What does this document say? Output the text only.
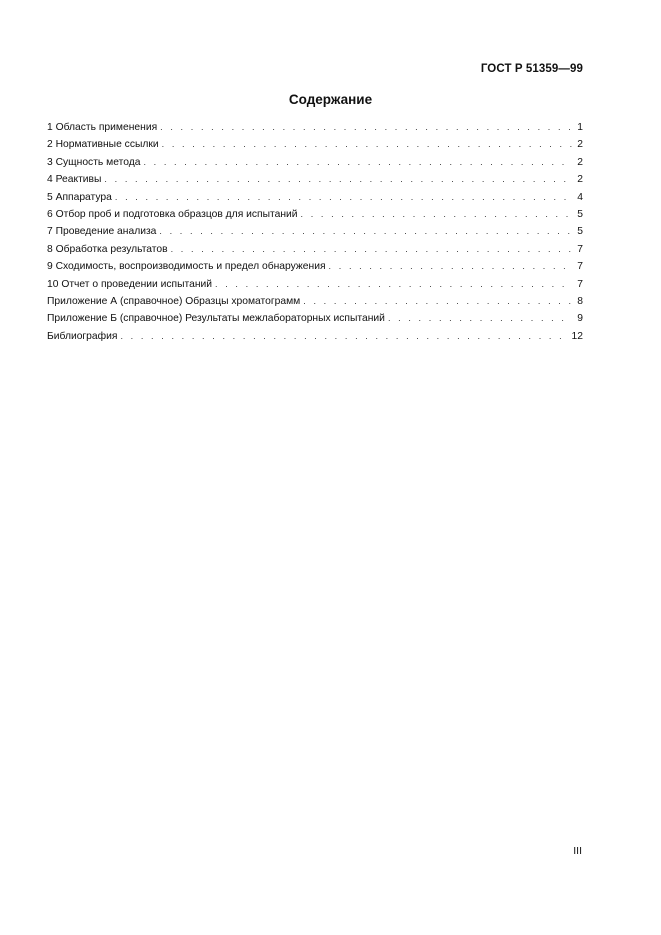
ГОСТ Р 51359—99
Содержание
1 Область применения . . .	1
2 Нормативные ссылки . . .	2
3 Сущность метода . . .	2
4 Реактивы . . .	2
5 Аппаратура . . .	4
6 Отбор проб и подготовка образцов для испытаний . . .	5
7 Проведение анализа . . .	5
8 Обработка результатов . . .	7
9 Сходимость, воспроизводимость и предел обнаружения . . .	7
10 Отчет о проведении испытаний . . .	7
Приложение А (справочное) Образцы хроматограмм . . .	8
Приложение Б (справочное) Результаты межлабораторных испытаний . . .	9
Библиография . . .	12
III
